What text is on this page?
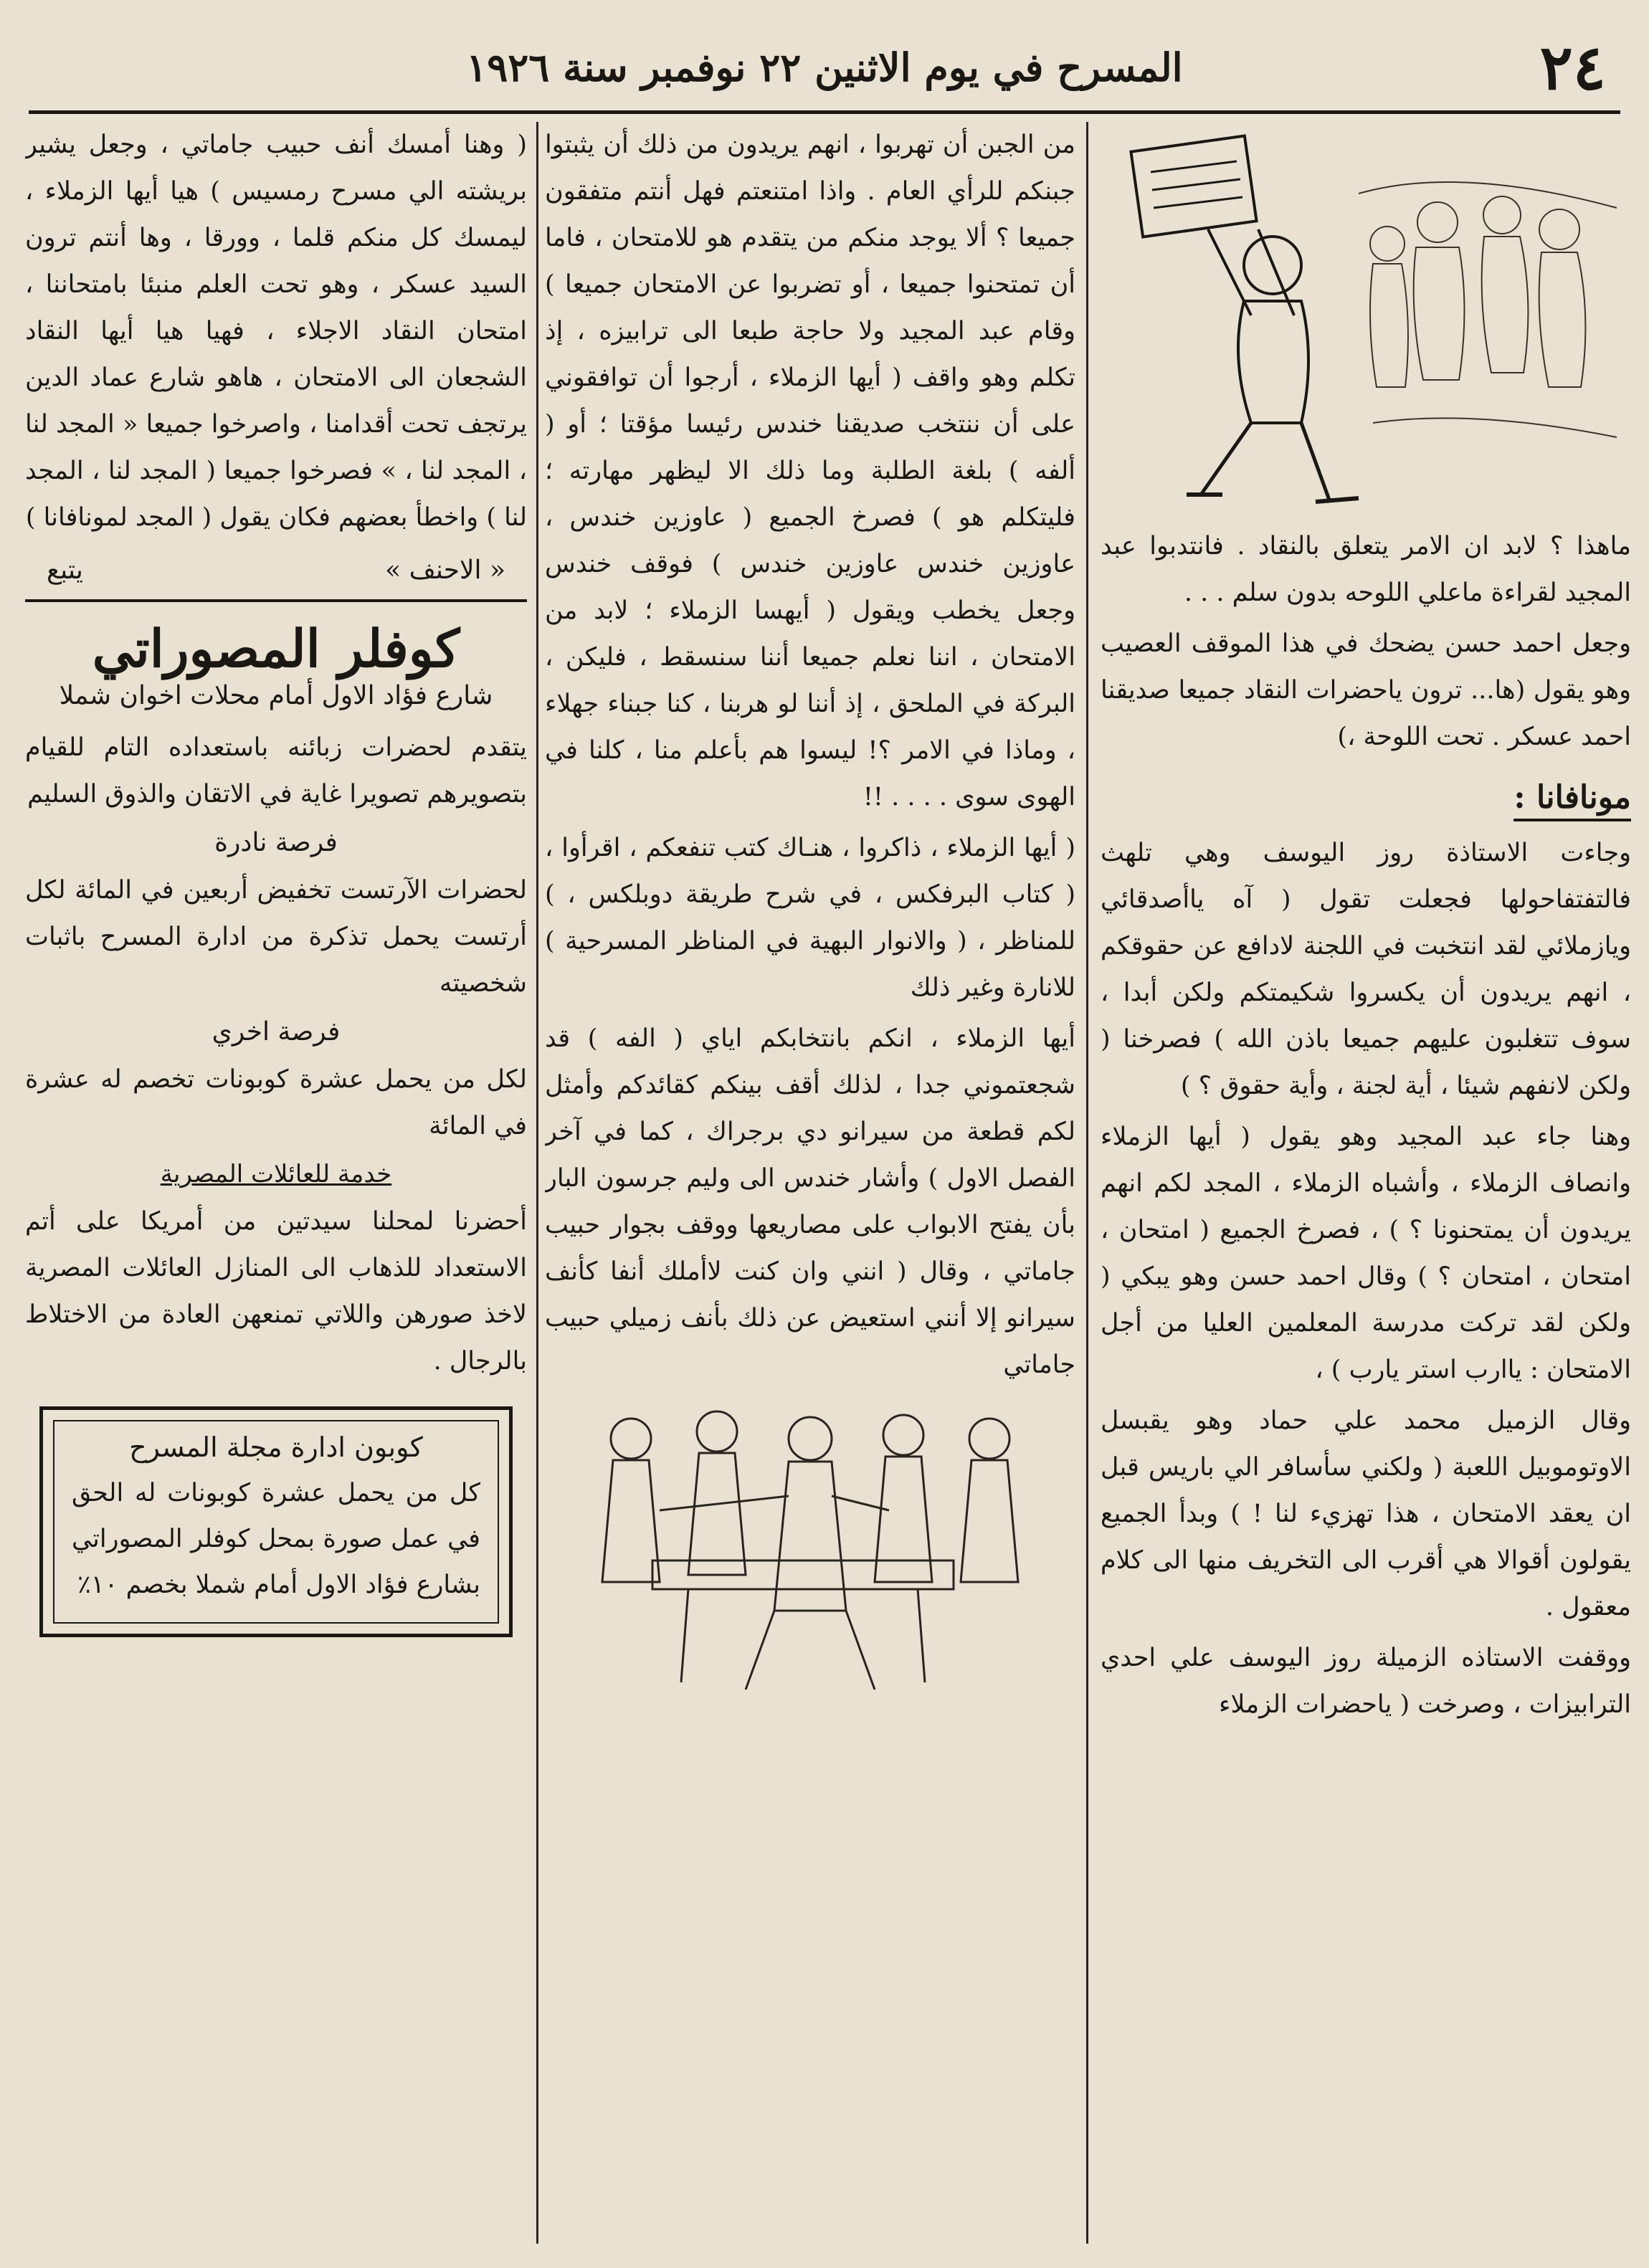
٢٤
المسرح في يوم الاثنين ٢٢ نوفمبر سنة ١٩٢٦

ماهذا ؟ لابد ان الامر يتعلق بالنقاد . فانتدبوا عبد المجيد لقراءة ماعلي اللوحه بدون سلم . . .

وجعل احمد حسن يضحك في هذا الموقف العصيب وهو يقول (ها... ترون ياحضرات النقاد جميعا صديقنا احمد عسكر . تحت اللوحة ،)

مونافانا :

وجاءت الاستاذة روز اليوسف وهي تلهث فالتفتفاحولها فجعلت تقول ( آه ياأصدقائي ويازملائي لقد انتخبت في اللجنة لادافع عن حقوقكم ، انهم يريدون أن يكسروا شكيمتكم ولكن أبدا ، سوف تتغلبون عليهم جميعا باذن الله ) فصرخنا ( ولكن لانفهم شيئا ، أية لجنة ، وأية حقوق ؟ )

وهنا جاء عبد المجيد وهو يقول ( أيها الزملاء وانصاف الزملاء ، وأشباه الزملاء ، المجد لكم انهم يريدون أن يمتحنونا ؟ ) ، فصرخ الجميع ( امتحان ، امتحان ، امتحان ؟ ) وقال احمد حسن وهو يبكي ( ولكن لقد تركت مدرسة المعلمين العليا من أجل الامتحان : ياارب استر يارب ) ،

وقال الزميل محمد علي حماد وهو يقبسل الاوتوموبيل اللعبة ( ولكني سأسافر الي باريس قبل ان يعقد الامتحان ، هذا تهزيء لنا ! ) وبدأ الجميع يقولون أقوالا هي أقرب الى التخريف منها الى كلام معقول .

ووقفت الاستاذه الزميلة روز اليوسف علي احدي الترابيزات ، وصرخت ( ياحضرات الزملاء

من الجبن أن تهربوا ، انهم يريدون من ذلك أن يثبتوا جبنكم للرأي العام . واذا امتنعتم فهل أنتم متفقون جميعا ؟ ألا يوجد منكم من يتقدم هو للامتحان ، فاما أن تمتحنوا جميعا ، أو تضربوا عن الامتحان جميعا ) وقام عبد المجيد ولا حاجة طبعا الى ترابيزه ، إذ تكلم وهو واقف ( أيها الزملاء ، أرجوا أن توافقوني على أن ننتخب صديقنا خندس رئيسا مؤقتا ؛ أو ( ألفه ) بلغة الطلبة وما ذلك الا ليظهر مهارته ؛ فليتكلم هو ) فصرخ الجميع ( عاوزين خندس ، عاوزين خندس عاوزين خندس ) فوقف خندس وجعل يخطب ويقول ( أيهسا الزملاء ؛ لابد من الامتحان ، اننا نعلم جميعا أننا سنسقط ، فليكن ، البركة في الملحق ، إذ أننا لو هربنا ، كنا جبناء جهلاء ، وماذا في الامر ؟! ليسوا هم بأعلم منا ، كلنا في الهوى سوى . . . . !!

( أيها الزملاء ، ذاكروا ، هنـاك كتب تنفعكم ، اقرأوا ، ( كتاب البرفكس ، في شرح طريقة دوبلكس ، ) للمناظر ، ( والانوار البهية في المناظر المسرحية ) للانارة وغير ذلك

أيها الزملاء ، انكم بانتخابكم اياي ( الفه ) قد شجعتموني جدا ، لذلك أقف بينكم كقائدكم وأمثل لكم قطعة من سيرانو دي برجراك ، كما في آخر الفصل الاول ) وأشار خندس الى وليم جرسون البار بأن يفتح الابواب على مصاريعها ووقف بجوار حبيب جاماتي ، وقال ( انني وان كنت لاأملك أنفا كأنف سيرانو إلا أنني استعيض عن ذلك بأنف زميلي حبيب جاماتي

( وهنا أمسك أنف حبيب جاماتي ، وجعل يشير بريشته الي مسرح رمسيس ) هيا أيها الزملاء ، ليمسك كل منكم قلما ، وورقا ، وها أنتم ترون السيد عسكر ، وهو تحت العلم منبئا بامتحاننا ، امتحان النقاد الاجلاء ، فهيا هيا أيها النقاد الشجعان الى الامتحان ، هاهو شارع عماد الدين يرتجف تحت أقدامنا ، واصرخوا جميعا « المجد لنا ، المجد لنا ، » فصرخوا جميعا ( المجد لنا ، المجد لنا ) واخطأ بعضهم فكان يقول ( المجد لمونافانا )

« الاحنف »
يتبع
كوفلر المصوراتي
شارع فؤاد الاول أمام محلات اخوان شملا

يتقدم لحضرات زبائنه باستعداده التام للقيام بتصويرهم تصويرا غاية في الاتقان والذوق السليم

فرصة نادرة

لحضرات الآرتست تخفيض أربعين في المائة لكل أرتست يحمل تذكرة من ادارة المسرح باثبات شخصيته

فرصة اخري

لكل من يحمل عشرة كوبونات تخصم له عشرة في المائة

خدمة للعائلات المصرية

أحضرنا لمحلنا سيدتين من أمريكا على أتم الاستعداد للذهاب الى المنازل العائلات المصرية لاخذ صورهن واللاتي تمنعهن العادة من الاختلاط بالرجال .

كوبون ادارة مجلة المسرح

كل من يحمل عشرة كوبونات له الحق في عمل صورة بمحل كوفلر المصوراتي بشارع فؤاد الاول أمام شملا بخصم ١٠٪
